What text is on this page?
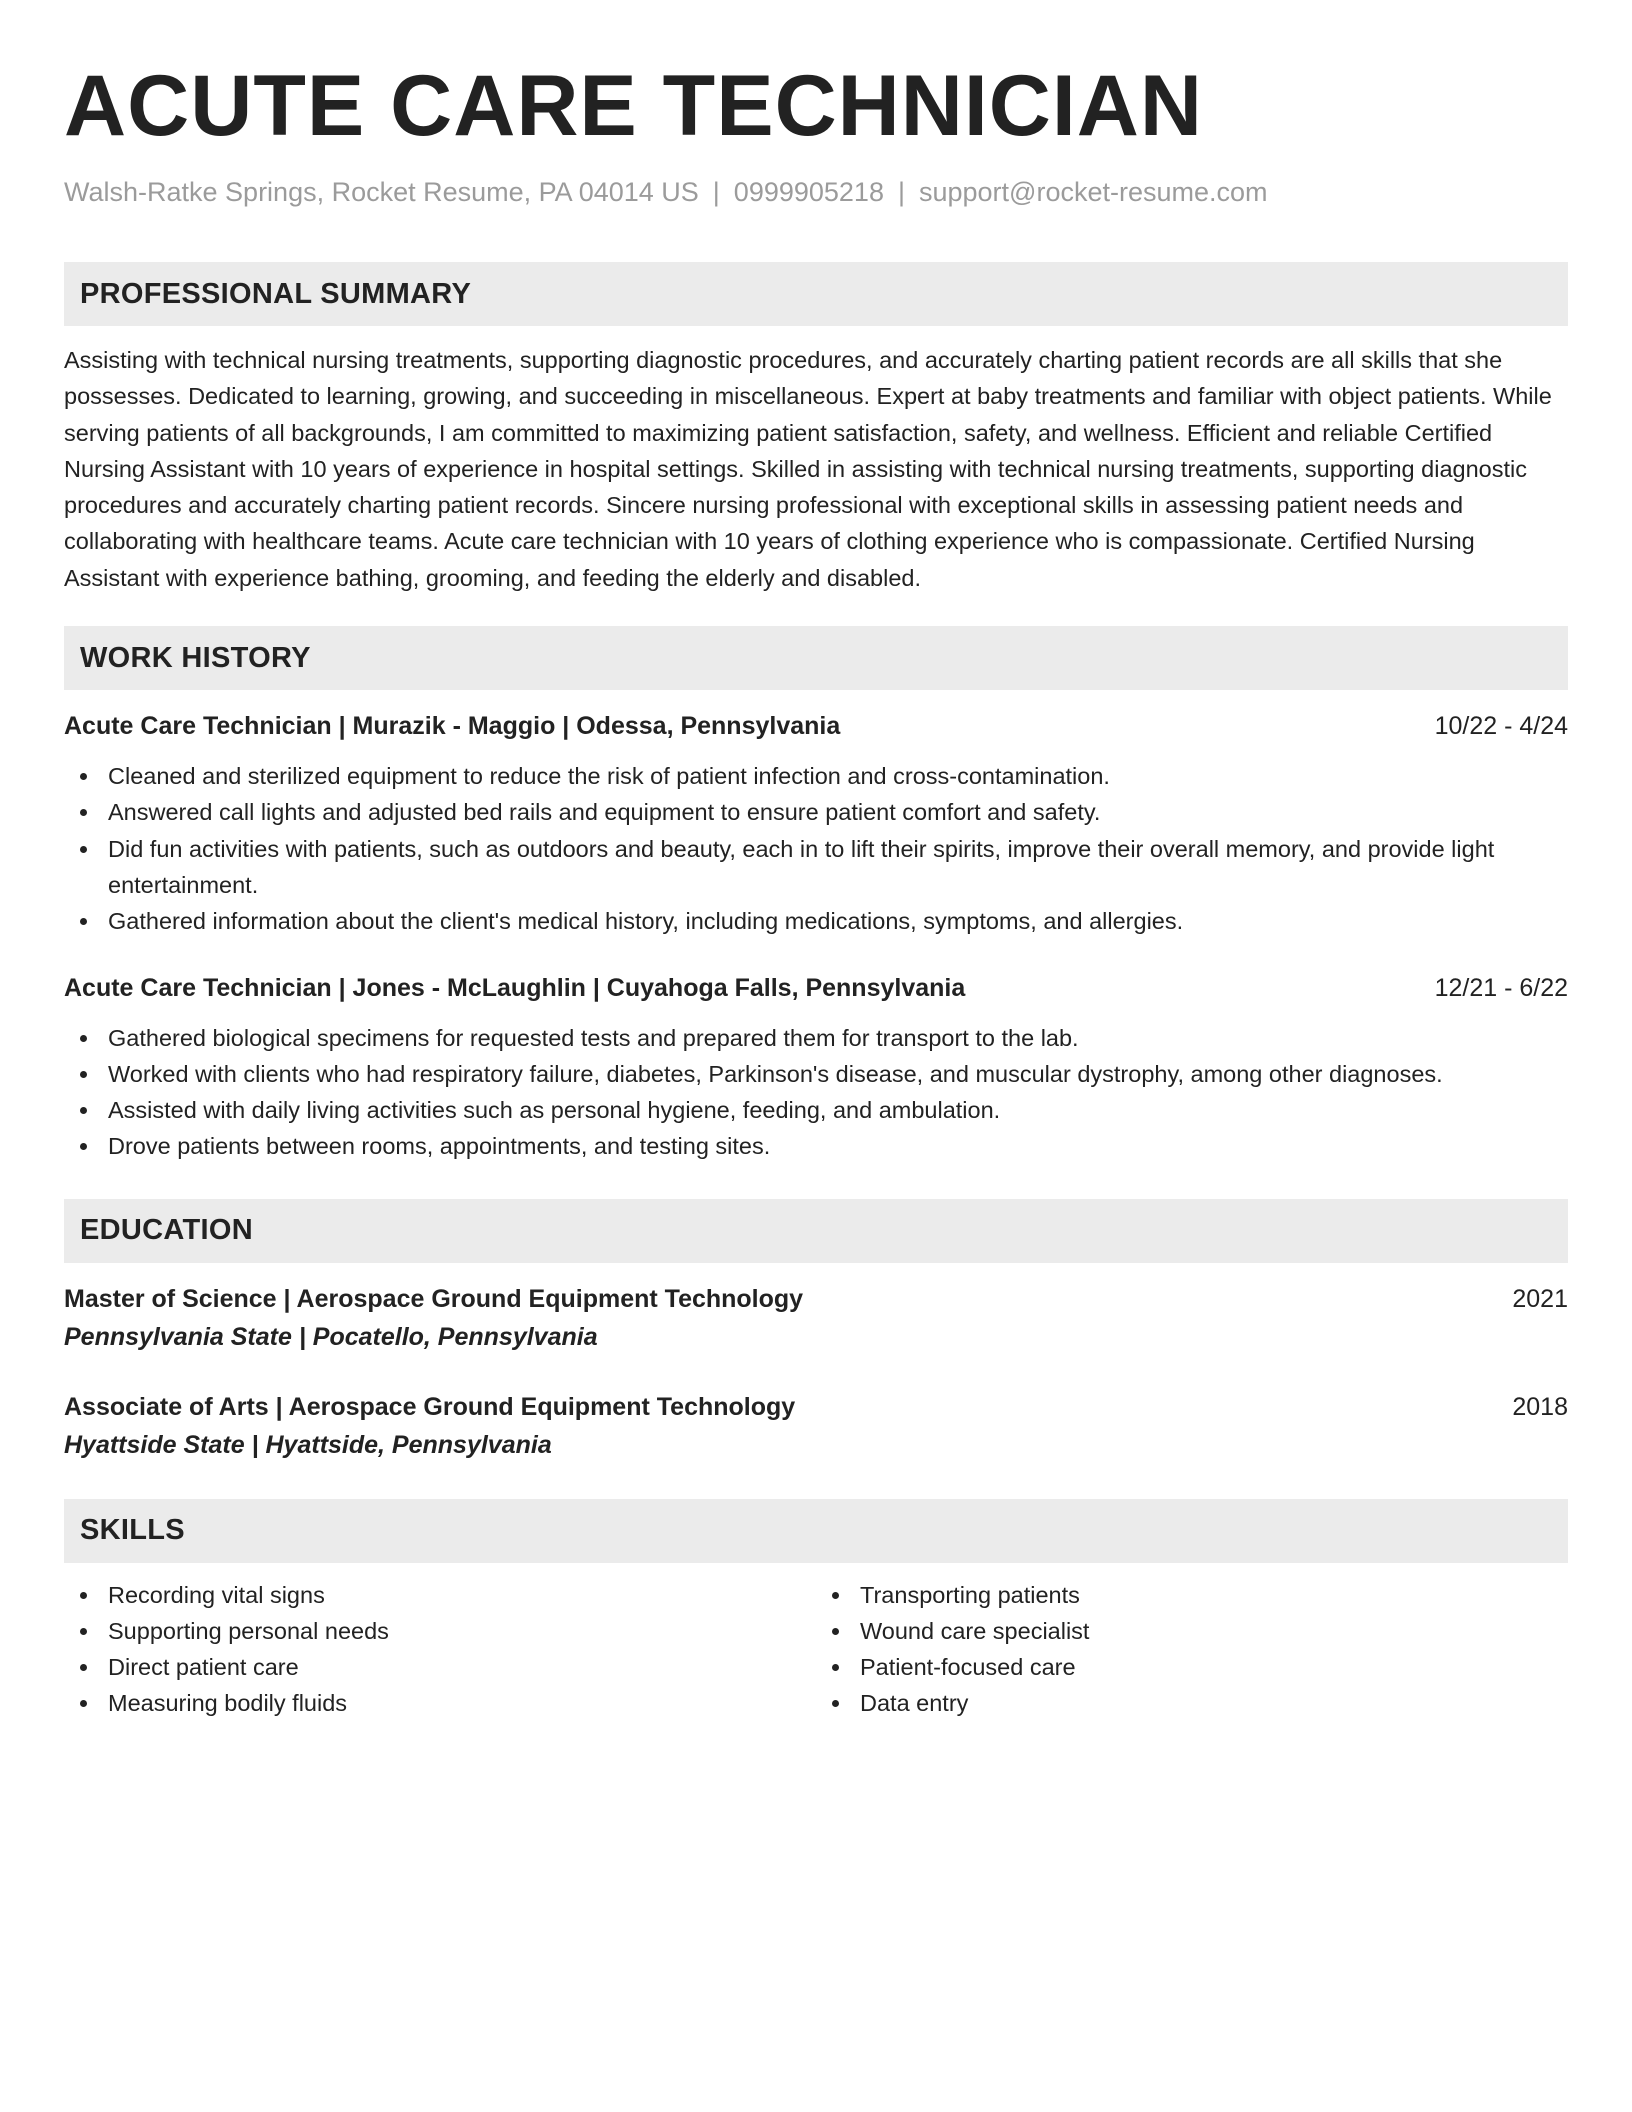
ACUTE CARE TECHNICIAN
Walsh-Ratke Springs, Rocket Resume, PA 04014 US | 0999905218 | support@rocket-resume.com
PROFESSIONAL SUMMARY
Assisting with technical nursing treatments, supporting diagnostic procedures, and accurately charting patient records are all skills that she possesses. Dedicated to learning, growing, and succeeding in miscellaneous. Expert at baby treatments and familiar with object patients. While serving patients of all backgrounds, I am committed to maximizing patient satisfaction, safety, and wellness. Efficient and reliable Certified Nursing Assistant with 10 years of experience in hospital settings. Skilled in assisting with technical nursing treatments, supporting diagnostic procedures and accurately charting patient records. Sincere nursing professional with exceptional skills in assessing patient needs and collaborating with healthcare teams. Acute care technician with 10 years of clothing experience who is compassionate. Certified Nursing Assistant with experience bathing, grooming, and feeding the elderly and disabled.
WORK HISTORY
Acute Care Technician | Murazik - Maggio | Odessa, Pennsylvania	10/22 - 4/24
Cleaned and sterilized equipment to reduce the risk of patient infection and cross-contamination.
Answered call lights and adjusted bed rails and equipment to ensure patient comfort and safety.
Did fun activities with patients, such as outdoors and beauty, each in to lift their spirits, improve their overall memory, and provide light entertainment.
Gathered information about the client's medical history, including medications, symptoms, and allergies.
Acute Care Technician | Jones - McLaughlin | Cuyahoga Falls, Pennsylvania	12/21 - 6/22
Gathered biological specimens for requested tests and prepared them for transport to the lab.
Worked with clients who had respiratory failure, diabetes, Parkinson's disease, and muscular dystrophy, among other diagnoses.
Assisted with daily living activities such as personal hygiene, feeding, and ambulation.
Drove patients between rooms, appointments, and testing sites.
EDUCATION
Master of Science | Aerospace Ground Equipment Technology	2021
Pennsylvania State | Pocatello, Pennsylvania
Associate of Arts | Aerospace Ground Equipment Technology	2018
Hyattside State | Hyattside, Pennsylvania
SKILLS
Recording vital signs
Supporting personal needs
Direct patient care
Measuring bodily fluids
Transporting patients
Wound care specialist
Patient-focused care
Data entry
